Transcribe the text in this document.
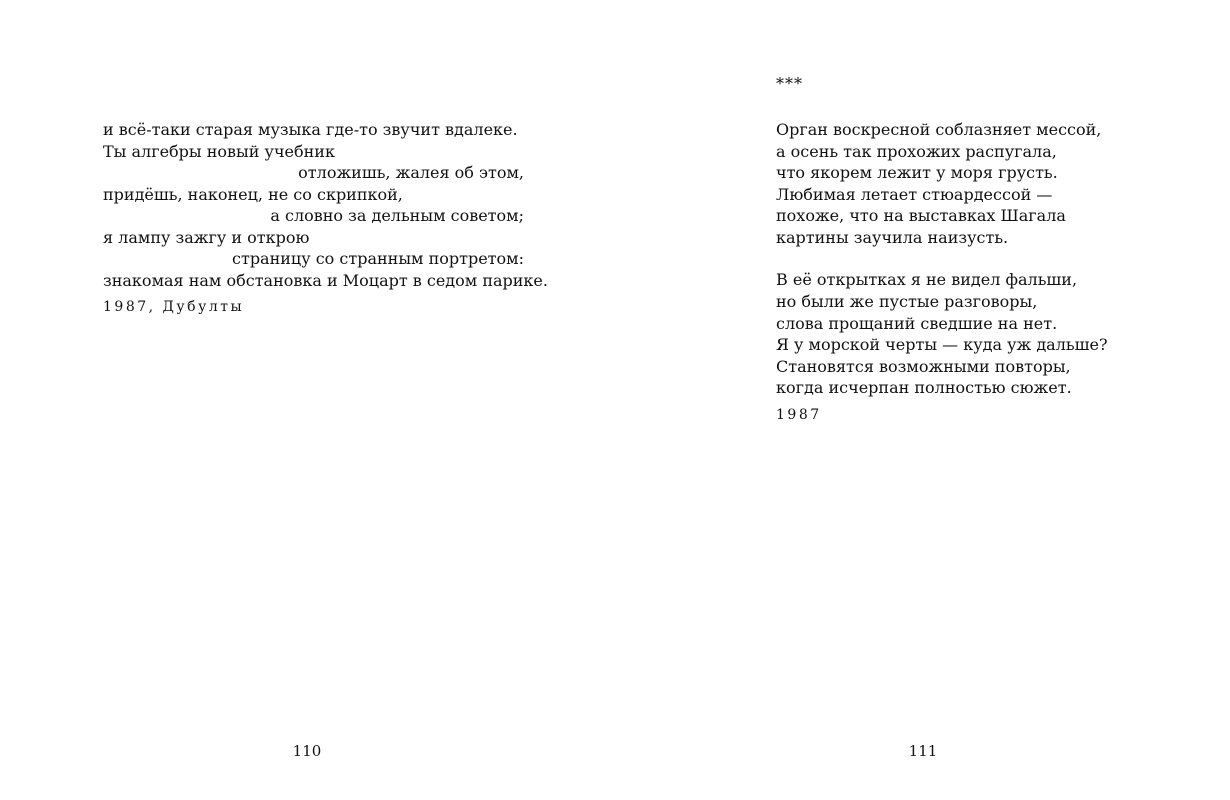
и всё-таки старая музыка где-то звучит вдалеке.
Ты алгебры новый учебник
отложишь, жалея об этом,
придёшь, наконец, не со скрипкой,
а словно за дельным советом;
я лампу зажгу и открою
страницу со странным портретом:
знакомая нам обстановка и Моцарт в седом парике.
1987, Дубулты
110
***
Орган воскресной соблазняет мессой,
а осень так прохожих распугала,
что якорем лежит у моря грусть.
Любимая летает стюардессой —
похоже, что на выставках Шагала
картины заучила наизусть.
В её открытках я не видел фальши,
но были же пустые разговоры,
слова прощаний сведшие на нет.
Я у морской черты — куда уж дальше?
Становятся возможными повторы,
когда исчерпан полностью сюжет.
1987
111
